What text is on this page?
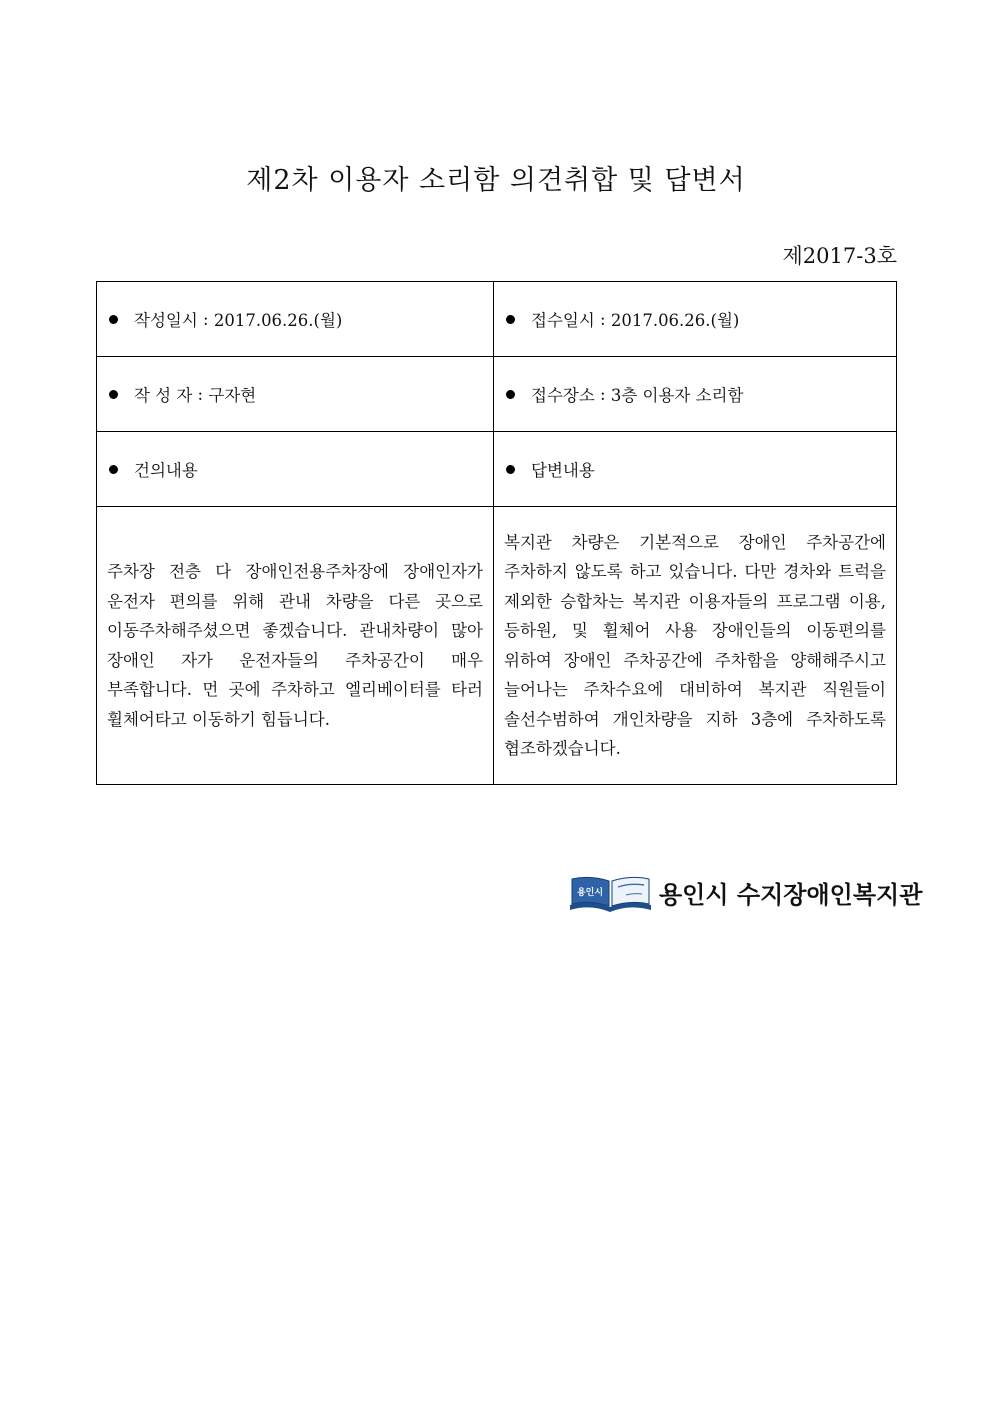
제2차 이용자 소리함 의견취합 및 답변서
제2017-3호
작성일시 : 2017.06.26.(월)	접수일시 : 2017.06.26.(월)

작 성 자 : 구자현	접수장소 : 3층 이용자 소리함

건의내용	답변내용

주차장 전층 다 장애인전용주차장에 장애인자가 운전자 편의를 위해 관내 차량을 다른 곳으로 이동주차해주셨으면 좋겠습니다. 관내차량이 많아 장애인 자가 운전자들의 주차공간이 매우 부족합니다. 먼 곳에 주차하고 엘리베이터를 타러 휠체어타고 이동하기 힘듭니다.	복지관 차량은 기본적으로 장애인 주차공간에 주차하지 않도록 하고 있습니다. 다만 경차와 트럭을 제외한 승합차는 복지관 이용자들의 프로그램 이용, 등하원, 및 휠체어 사용 장애인들의 이동편의를 위하여 장애인 주차공간에 주차함을 양해해주시고 늘어나는 주차수요에 대비하여 복지관 직원들이 솔선수범하여 개인차량을 지하 3층에 주차하도록 협조하겠습니다.
용인시 용인시 수지장애인복지관
